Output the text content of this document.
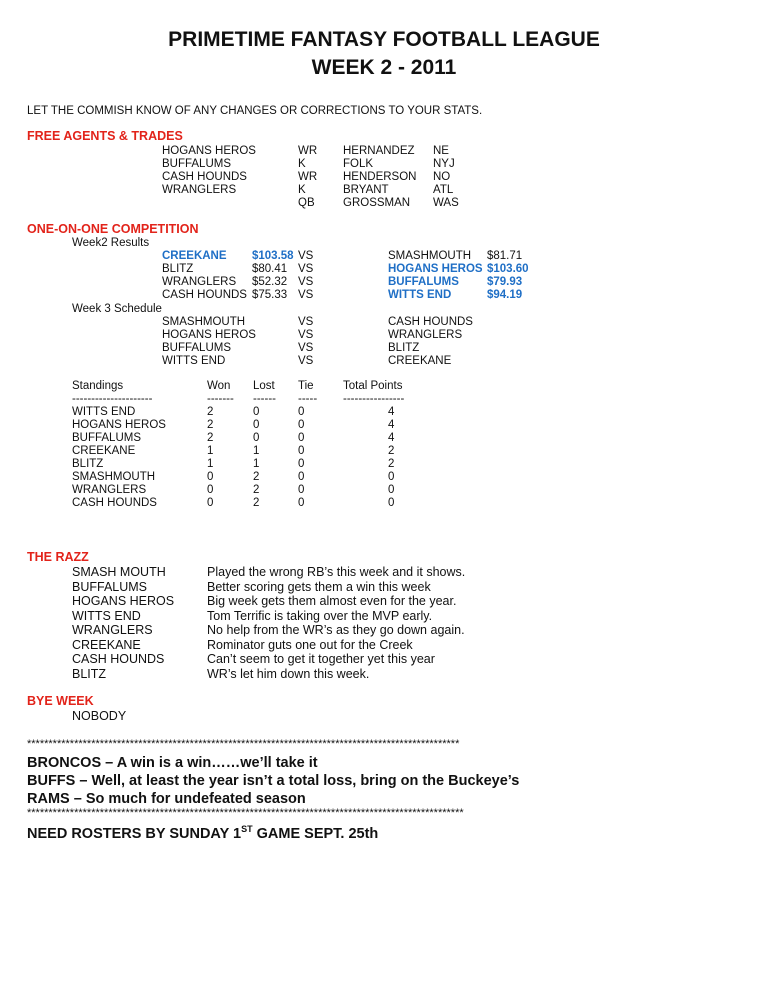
PRIMETIME FANTASY FOOTBALL LEAGUE
WEEK 2 - 2011
LET THE COMMISH KNOW OF ANY CHANGES OR CORRECTIONS TO YOUR STATS.
FREE AGENTS & TRADES
HOGANS HEROS	WR HERNANDEZ NE
BUFFALUMS	K	FOLK	NYJ
CASH HOUNDS	WR HENDERSON NO
WRANGLERS	K	BRYANT	ATL
QB GROSSMAN WAS
ONE-ON-ONE COMPETITION
Week2 Results
CREEKANE $103.58 VS	SMASHMOUTH $81.71
BLITZ	$80.41 VS	HOGANS HEROS $103.60
WRANGLERS $52.32 VS	BUFFALUMS $79.93
CASH HOUNDS $75.33 VS	WITTS END	$94.19
Week 3 Schedule
SMASHMOUTH	VS	CASH HOUNDS
HOGANS HEROS	VS	WRANGLERS
BUFFALUMS	VS	BLITZ
WITTS END	VS	CREEKANE
Standings	Won Lost Tie	Total Points
---------------------	------- ------ ----- ----------------
WITTS END	2	0	0	4
HOGANS HEROS	2	0	0	4
BUFFALUMS	2	0	0	4
CREEKANE	1	1	0	2
BLITZ	1	1	0	2
SMASHMOUTH	0	2	0	0
WRANGLERS	0	2	0	0
CASH HOUNDS	0	2	0	0
THE RAZZ
SMASH MOUTH	Played the wrong RB’s this week and it shows.
BUFFALUMS	Better scoring gets them a win this week
HOGANS HEROS	Big week gets them almost even for the year.
WITTS END	Tom Terrific is taking over the MVP early.
WRANGLERS	No help from the WR’s as they go down again.
CREEKANE	Rominator guts one out for the Creek
CASH HOUNDS	Can’t seem to get it together yet this year
BLITZ	WR’s let him down this week.
BYE WEEK
NOBODY
*****************************************************************************************************
BRONCOS – A win is a win……we’ll take it
BUFFS – Well, at least the year isn’t a total loss, bring on the Buckeye’s
RAMS – So much for undefeated season
******************************************************************************************************
NEED ROSTERS BY SUNDAY 1ST GAME SEPT. 25th
